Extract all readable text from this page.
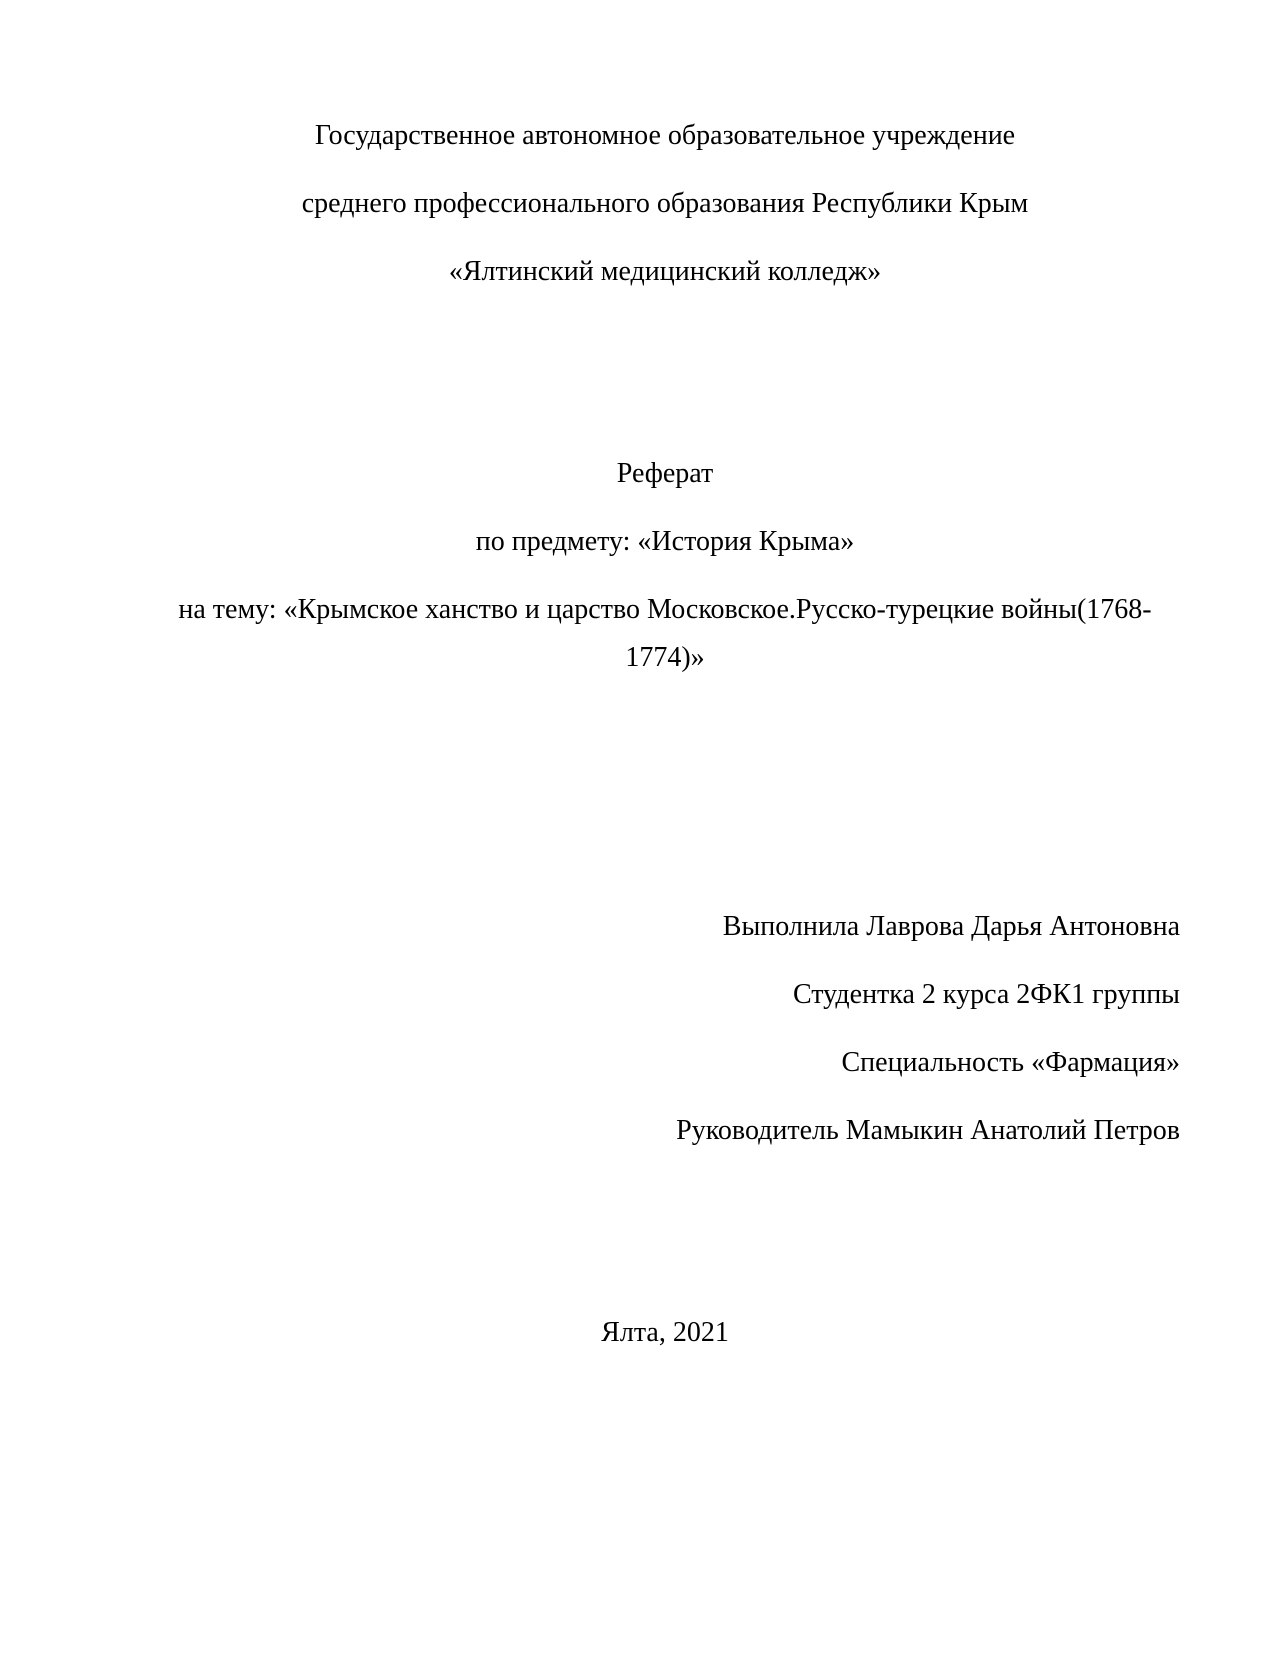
Государственное автономное образовательное учреждение
среднего профессионального образования Республики Крым
«Ялтинский медицинский колледж»
Реферат
по предмету: «История Крыма»
на тему: «Крымское ханство и царство Московское.Русско-турецкие войны(1768-1774)»
Выполнила Лаврова Дарья Антоновна
Студентка 2 курса 2ФК1 группы
Специальность «Фармация»
Руководитель Мамыкин Анатолий Петров
Ялта, 2021
